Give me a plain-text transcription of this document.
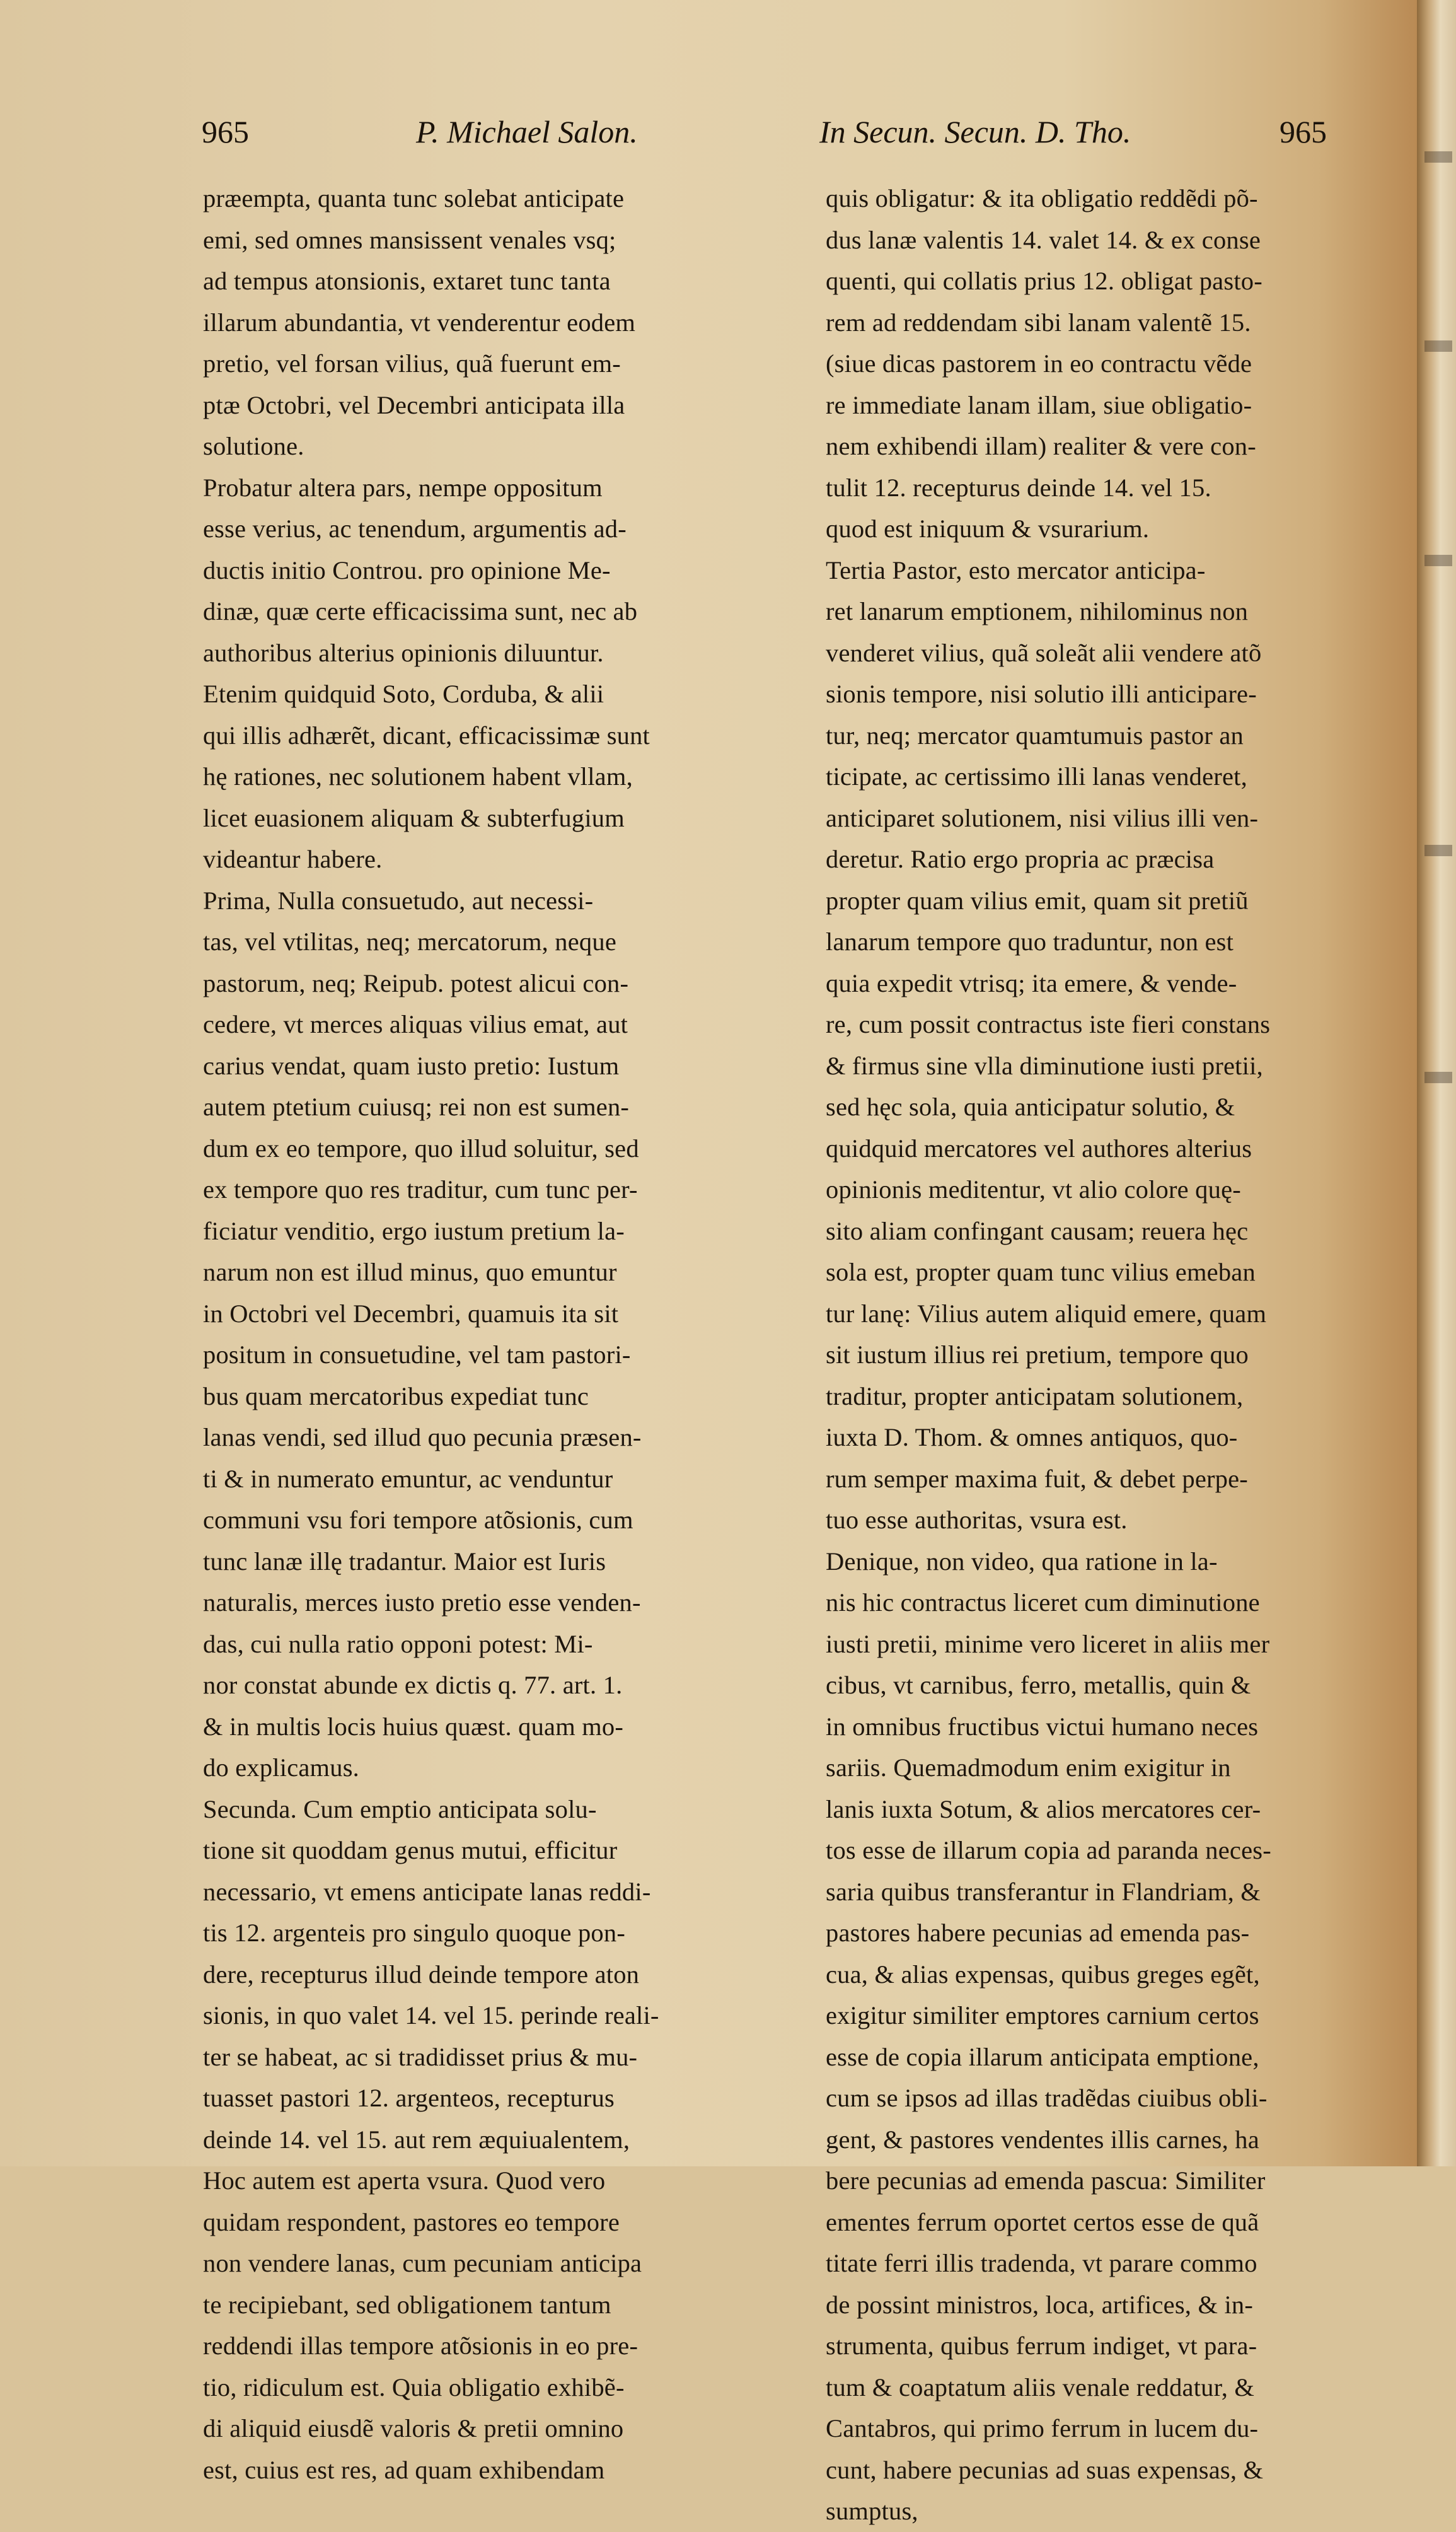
965	P. Michael Salon.	In Secun. Secun. D. Tho.	965
præempta, quanta tunc solebat anticipate
emi, sed omnes mansissent venales vsq;
ad tempus atonsionis, extaret tunc tanta
illarum abundantia, vt venderentur eodem
pretio, vel forsan vilius, quã fuerunt em-
ptæ Octobri, vel Decembri anticipata illa
solutione.
Probatur altera pars, nempe oppositum
esse verius, ac tenendum, argumentis ad-
ductis initio Controu. pro opinione Me-
dinæ, quæ certe efficacissima sunt, nec ab
authoribus alterius opinionis diluuntur.
Etenim quidquid Soto, Corduba, & alii
qui illis adhærẽt, dicant, efficacissimæ sunt
hę rationes, nec solutionem habent vllam,
licet euasionem aliquam & subterfugium
videantur habere.
Prima, Nulla consuetudo, aut necessi-
tas, vel vtilitas, neq; mercatorum, neque
pastorum, neq; Reipub. potest alicui con-
cedere, vt merces aliquas vilius emat, aut
carius vendat, quam iusto pretio: Iustum
autem ptetium cuiusq; rei non est sumen-
dum ex eo tempore, quo illud soluitur, sed
ex tempore quo res traditur, cum tunc per-
ficiatur venditio, ergo iustum pretium la-
narum non est illud minus, quo emuntur
in Octobri vel Decembri, quamuis ita sit
positum in consuetudine, vel tam pastori-
bus quam mercatoribus expediat tunc
lanas vendi, sed illud quo pecunia præsen-
ti & in numerato emuntur, ac venduntur
communi vsu fori tempore atõsionis, cum
tunc lanæ illę tradantur. Maior est Iuris
naturalis, merces iusto pretio esse venden-
das, cui nulla ratio opponi potest: Mi-
nor constat abunde ex dictis q. 77. art. 1.
& in multis locis huius quæst. quam mo-
do explicamus.
Secunda. Cum emptio anticipata solu-
tione sit quoddam genus mutui, efficitur
necessario, vt emens anticipate lanas reddi-
tis 12. argenteis pro singulo quoque pon-
dere, recepturus illud deinde tempore aton
sionis, in quo valet 14. vel 15. perinde reali-
ter se habeat, ac si tradidisset prius & mu-
tuasset pastori 12. argenteos, recepturus
deinde 14. vel 15. aut rem æquiualentem,
Hoc autem est aperta vsura. Quod vero
quidam respondent, pastores eo tempore
non vendere lanas, cum pecuniam anticipa
te recipiebant, sed obligationem tantum
reddendi illas tempore atõsionis in eo pre-
tio, ridiculum est. Quia obligatio exhibẽ-
di aliquid eiusdẽ valoris & pretii omnino
est, cuius est res, ad quam exhibendam
quis obligatur: & ita obligatio reddẽdi põ-
dus lanæ valentis 14. valet 14. & ex conse
quenti, qui collatis prius 12. obligat pasto-
rem ad reddendam sibi lanam valentẽ 15.
(siue dicas pastorem in eo contractu vẽde
re immediate lanam illam, siue obligatio-
nem exhibendi illam) realiter & vere con-
tulit 12. recepturus deinde 14. vel 15.
quod est iniquum & vsurarium.
Tertia Pastor, esto mercator anticipa-
ret lanarum emptionem, nihilominus non
venderet vilius, quã soleãt alii vendere atõ
sionis tempore, nisi solutio illi anticipare-
tur, neq; mercator quamtumuis pastor an
ticipate, ac certissimo illi lanas venderet,
anticiparet solutionem, nisi vilius illi ven-
deretur. Ratio ergo propria ac præcisa
propter quam vilius emit, quam sit pretiũ
lanarum tempore quo traduntur, non est
quia expedit vtrisq; ita emere, & vende-
re, cum possit contractus iste fieri constans
& firmus sine vlla diminutione iusti pretii,
sed hęc sola, quia anticipatur solutio, &
quidquid mercatores vel authores alterius
opinionis meditentur, vt alio colore quę-
sito aliam confingant causam; reuera hęc
sola est, propter quam tunc vilius emeban
tur lanę: Vilius autem aliquid emere, quam
sit iustum illius rei pretium, tempore quo
traditur, propter anticipatam solutionem,
iuxta D. Thom. & omnes antiquos, quo-
rum semper maxima fuit, & debet perpe-
tuo esse authoritas, vsura est.
Denique, non video, qua ratione in la-
nis hic contractus liceret cum diminutione
iusti pretii, minime vero liceret in aliis mer
cibus, vt carnibus, ferro, metallis, quin &
in omnibus fructibus victui humano neces
sariis. Quemadmodum enim exigitur in
lanis iuxta Sotum, & alios mercatores cer-
tos esse de illarum copia ad paranda neces-
saria quibus transferantur in Flandriam, &
pastores habere pecunias ad emenda pas-
cua, & alias expensas, quibus greges egẽt,
exigitur similiter emptores carnium certos
esse de copia illarum anticipata emptione,
cum se ipsos ad illas tradẽdas ciuibus obli-
gent, & pastores vendentes illis carnes, ha
bere pecunias ad emenda pascua: Similiter
ementes ferrum oportet certos esse de quã
titate ferri illis tradenda, vt parare commo
de possint ministros, loca, artifices, & in-
strumenta, quibus ferrum indiget, vt para-
tum & coaptatum aliis venale reddatur, &
Cantabros, qui primo ferrum in lucem du-
cunt, habere pecunias ad suas expensas, &
sumptus,
